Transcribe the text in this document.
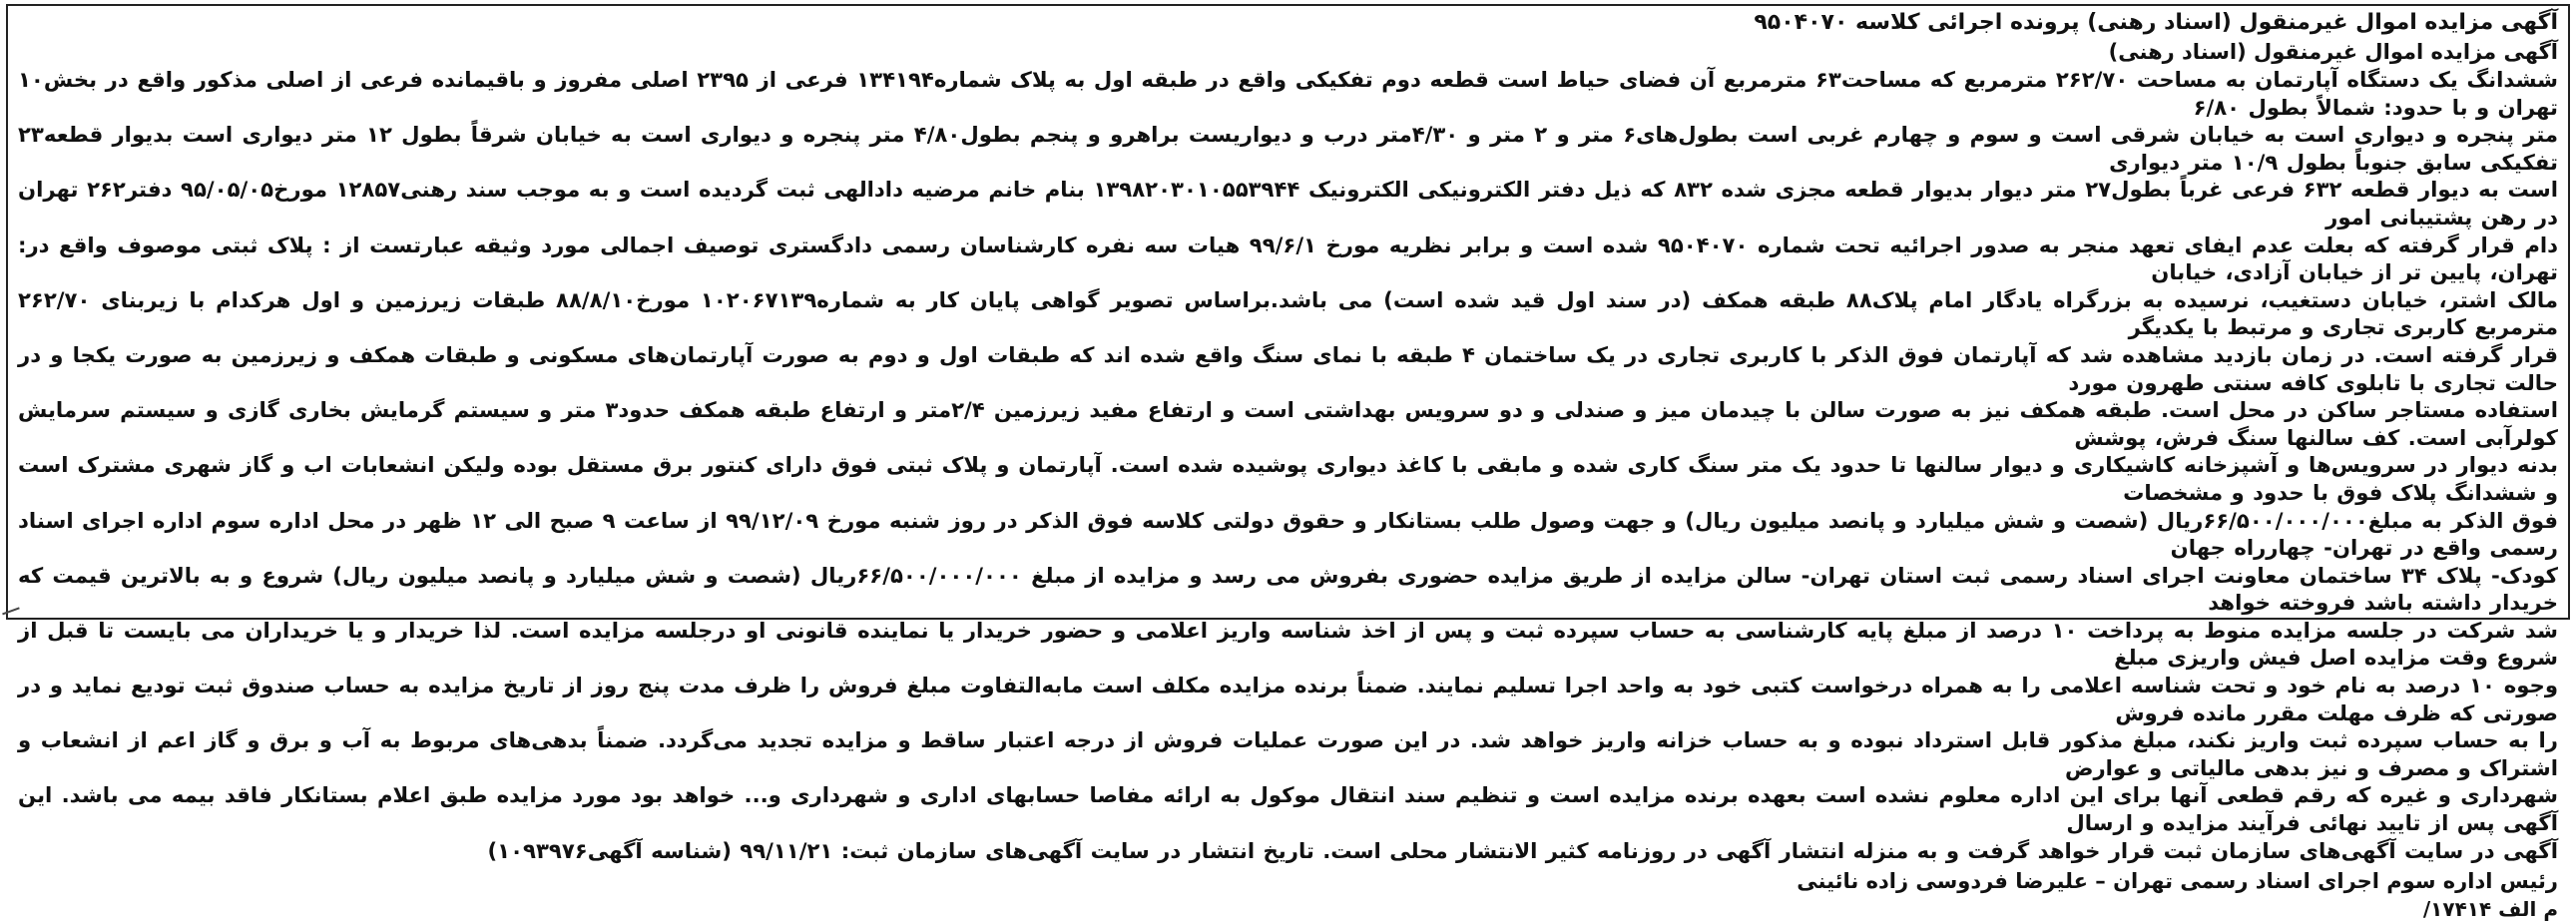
آگهی مزایده اموال غیرمنقول (اسناد رهنی) پرونده اجرائی کلاسه ۹۵۰۴۰۷۰
آگهی مزایده اموال غیرمنقول (اسناد رهنی)

ششدانگ یک دستگاه آپارتمان به مساحت ۲۶۲/۷۰ مترمربع که مساحت۶۳ مترمربع آن فضای حیاط است قطعه دوم تفکیکی واقع در طبقه اول به پلاک شماره۱۳۴۱۹۴ فرعی از ۲۳۹۵ اصلی مفروز و باقیمانده فرعی از اصلی مذکور واقع در بخش۱۰ تهران و با حدود: شمالاً بطول ۶/۸۰

متر پنجره و دیواری است به خیابان شرقی است و سوم و چهارم غربی است بطول‌های۶ متر و ۲ متر و ۴/۳۰متر درب و دیواریست براهرو و پنجم بطول۴/۸۰ متر پنجره و دیواری است به خیابان شرقاً بطول ۱۲ متر دیواری است بدیوار قطعه۲۳ تفکیکی سابق جنوباً بطول ۱۰/۹ متر دیواری

است به دیوار قطعه ۶۳۲ فرعی غرباً بطول۲۷ متر دیوار بدیوار قطعه مجزی شده ۸۳۲ که ذیل دفتر الکترونیکی الکترونیک ۱۳۹۸۲۰۳۰۱۰۵۵۳۹۴۴ بنام خانم مرضیه دادالهی ثبت گردیده است و به موجب سند رهنی۱۲۸۵۷ مورخ۹۵/۰۵/۰۵ دفتر۲۶۲ تهران در رهن پشتیبانی امور

دام قرار گرفته که بعلت عدم ایفای تعهد منجر به صدور اجرائیه تحت شماره ۹۵۰۴۰۷۰ شده است و برابر نظریه مورخ ۹۹/۶/۱ هیات سه نفره کارشناسان رسمی دادگستری توصیف اجمالی مورد وثیقه عبارتست از : پلاک ثبتی موصوف واقع در: تهران، پایین تر از خیابان آزادی، خیابان

مالک اشتر، خیابان دستغیب، نرسیده به بزرگراه یادگار امام پلاک۸۸ طبقه همکف (در سند اول قید شده است) می باشد.براساس تصویر گواهی پایان کار به شماره۱۰۲۰۶۷۱۳۹ مورخ۸۸/۸/۱۰ طبقات زیرزمین و اول هرکدام با زیربنای ۲۶۲/۷۰ مترمربع کاربری تجاری و مرتبط با یکدیگر

قرار گرفته است. در زمان بازدید مشاهده شد که آپارتمان فوق الذکر با کاربری تجاری در یک ساختمان ۴ طبقه با نمای سنگ واقع شده اند که طبقات اول و دوم به صورت آپارتمان‌های مسکونی و طبقات همکف و زیرزمین به صورت یکجا و در حالت تجاری با تابلوی کافه سنتی طهرون مورد

استفاده مستاجر ساکن در محل است. طبقه همکف نیز به صورت سالن با چیدمان میز و صندلی و دو سرویس بهداشتی است و ارتفاع مفید زیرزمین ۲/۴متر و ارتفاع طبقه همکف حدود۳ متر و سیستم گرمایش بخاری گازی و سیستم سرمایش کولرآبی است. کف سالنها سنگ فرش، پوشش

بدنه دیوار در سرویس‌ها و آشپزخانه کاشیکاری و دیوار سالنها تا حدود یک متر سنگ کاری شده و مابقی با کاغذ دیواری پوشیده شده است. آپارتمان و پلاک ثبتی فوق دارای کنتور برق مستقل بوده ولیکن انشعابات اب و گاز شهری مشترک است و ششدانگ پلاک فوق با حدود و مشخصات

فوق الذکر به مبلغ۶۶/۵۰۰/۰۰۰/۰۰۰ریال (شصت و شش میلیارد و پانصد میلیون ریال) و جهت وصول طلب بستانکار و حقوق دولتی کلاسه فوق الذکر در روز شنبه مورخ ۹۹/۱۲/۰۹ از ساعت ۹ صبح الی ۱۲ ظهر در محل اداره سوم اداره اجرای اسناد رسمی واقع در تهران- چهارراه جهان

کودک- پلاک ۳۴ ساختمان معاونت اجرای اسناد رسمی ثبت استان تهران- سالن مزایده از طریق مزایده حضوری بفروش می رسد و مزایده از مبلغ ۶۶/۵۰۰/۰۰۰/۰۰۰ریال (شصت و شش میلیارد و پانصد میلیون ریال) شروع و به بالاترین قیمت که خریدار داشته باشد فروخته خواهد

شد شرکت در جلسه مزایده منوط به پرداخت ۱۰ درصد از مبلغ پایه کارشناسی به حساب سپرده ثبت و پس از اخذ شناسه واریز اعلامی و حضور خریدار یا نماینده قانونی او درجلسه مزایده است. لذا خریدار و یا خریداران می بایست تا قبل از شروع وقت مزایده اصل فیش واریزی مبلغ

وجوه ۱۰ درصد به نام خود و تحت شناسه اعلامی را به همراه درخواست کتبی خود به واحد اجرا تسلیم نمایند. ضمناً برنده مزایده مکلف است مابه‌التفاوت مبلغ فروش را ظرف مدت پنج روز از تاریخ مزایده به حساب صندوق ثبت تودیع نماید و در صورتی که ظرف مهلت مقرر مانده فروش

را به حساب سپرده ثبت واریز نکند، مبلغ مذکور قابل استرداد نبوده و به حساب خزانه واریز خواهد شد. در این صورت عملیات فروش از درجه اعتبار ساقط و مزایده تجدید می‌گردد. ضمناً بدهی‌های مربوط به آب و برق و گاز اعم از انشعاب و اشتراک و مصرف و نیز بدهی مالیاتی و عوارض

شهرداری و غیره که رقم قطعی آنها برای این اداره معلوم نشده است بعهده برنده مزایده است و تنظیم سند انتقال موکول به ارائه مفاصا حسابهای اداری و شهرداری و... خواهد بود مورد مزایده طبق اعلام بستانکار فاقد بیمه می باشد. این آگهی پس از تایید نهائی فرآیند مزایده و ارسال

آگهی در سایت آگهی‌های سازمان ثبت قرار خواهد گرفت و به منزله انتشار آگهی در روزنامه کثیر الانتشار محلی است. تاریخ انتشار در سایت آگهی‌های سازمان ثبت: ۹۹/۱۱/۲۱ (شناسه آگهی۱۰۹۳۹۷۶)

رئیس اداره سوم اجرای اسناد رسمی تهران – علیرضا فردوسی زاده نائینی
م الف ۱۷۴۱۴/
